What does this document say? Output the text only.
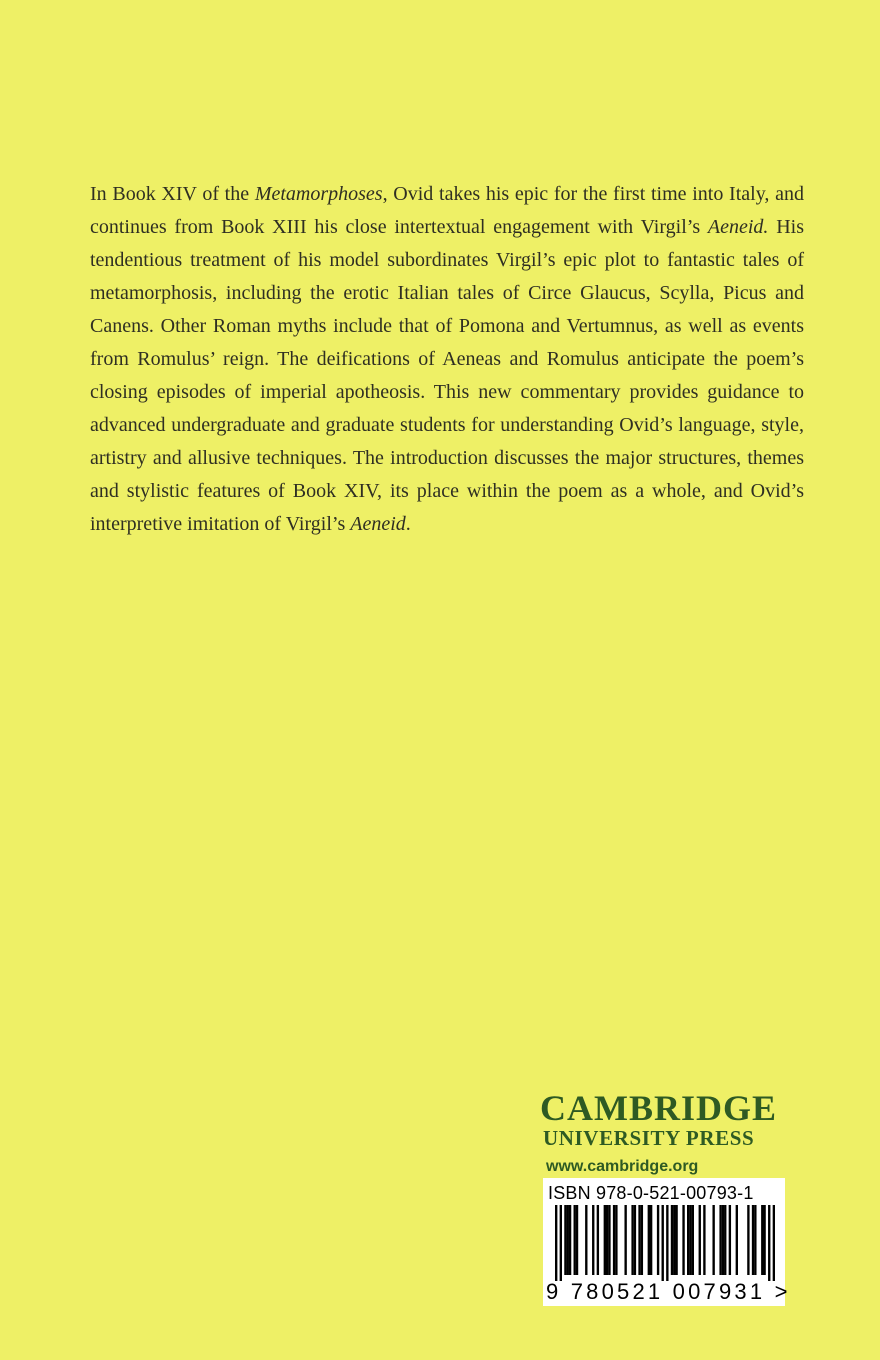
In Book XIV of the Metamorphoses, Ovid takes his epic for the first time into Italy, and continues from Book XIII his close intertextual engagement with Virgil’s Aeneid. His tendentious treatment of his model subordinates Virgil’s epic plot to fantastic tales of metamorphosis, including the erotic Italian tales of Circe Glaucus, Scylla, Picus and Canens. Other Roman myths include that of Pomona and Vertumnus, as well as events from Romulus’ reign. The deifications of Aeneas and Romulus anticipate the poem’s closing episodes of imperial apotheosis. This new commentary provides guidance to advanced undergraduate and graduate students for understanding Ovid’s language, style, artistry and allusive techniques. The introduction discusses the major structures, themes and stylistic features of Book XIV, its place within the poem as a whole, and Ovid’s interpretive imitation of Virgil’s Aeneid.

CAMBRIDGE
UNIVERSITY PRESS
www.cambridge.org
ISBN 978-0-521-00793-1
9 780521 007931 >
